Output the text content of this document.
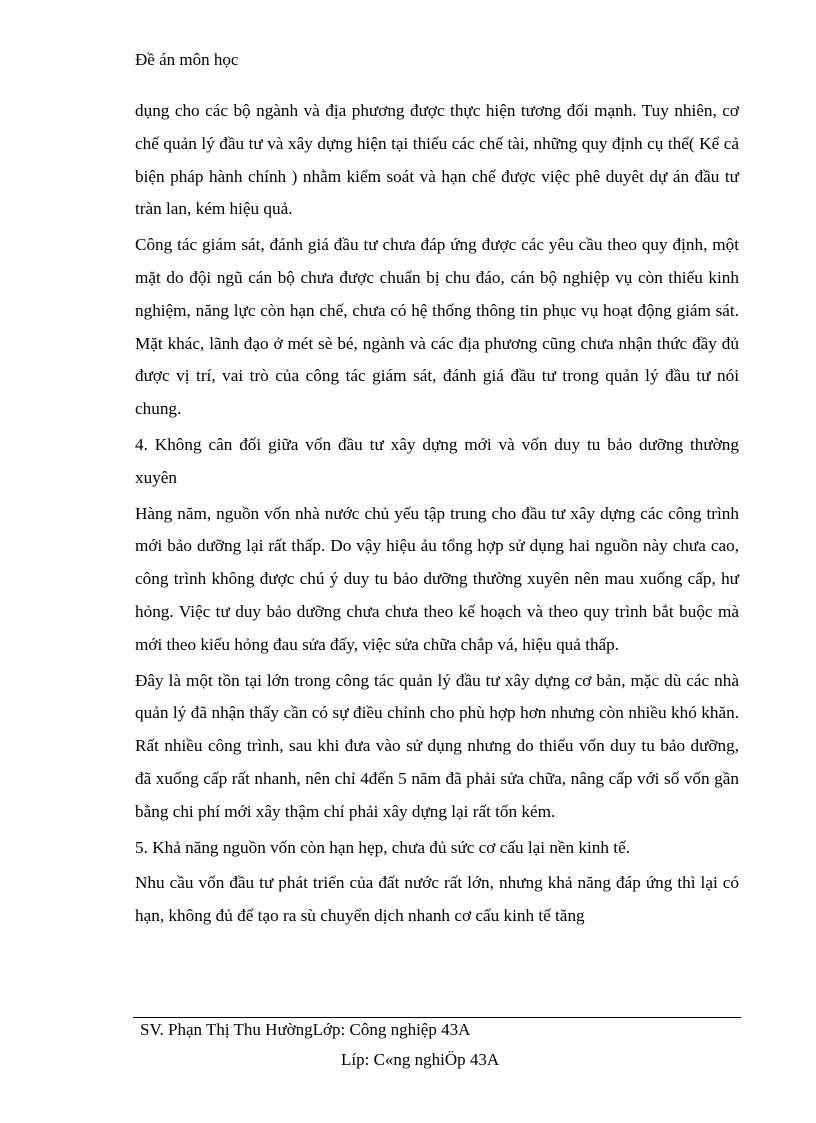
Đề án môn học

dụng cho các bộ ngành và địa phương được thực hiện tương đối mạnh. Tuy nhiên, cơ chế quản lý đầu tư và xây dựng hiện tại thiếu các chế tài, những quy định cụ thể( Kể cả biện pháp hành chính ) nhằm kiểm soát và hạn chế được việc phê duyêt dự án đầu tư tràn lan, kém hiệu quả.

Công tác giám sát, đánh giá đầu tư chưa đáp ứng được các yêu cầu theo quy định, một mặt do đội ngũ cán bộ chưa được chuẩn bị chu đáo, cán bộ nghiệp vụ còn thiếu kinh nghiệm, năng lực còn hạn chế, chưa có hệ thống thông tin phục vụ hoạt động giám sát. Mặt khác, lãnh đạo ở mét sè bé, ngành và các địa phương cũng chưa nhận thức đầy đủ được vị trí, vai trò của công tác giám sát, đánh giá đầu tư trong quản lý đầu tư nói chung.

4. Không cân đối giữa vốn đầu tư xây dựng mới và vốn duy tu bảo dưỡng thường xuyên

Hàng năm, nguồn vốn nhà nước chủ yếu tập trung cho đầu tư xây dựng các công trình mới bảo dưỡng lại rất thấp. Do vậy hiệu ảu tổng hợp sử dụng hai nguồn này chưa cao, công trình không được chú ý duy tu bảo dưỡng thường xuyên nên mau xuống cấp, hư hỏng. Việc tư duy bảo dưỡng chưa chưa theo kế hoạch và theo quy trình bắt buộc mà mới theo kiểu hỏng đau sửa đấy, việc sửa chữa chắp vá, hiệu quả thấp.

Đây là một tồn tại lớn trong công tác quản lý đầu tư xây dựng cơ bản, mặc dù các nhà quản lý đã nhận thấy cần có sự điều chỉnh cho phù hợp hơn nhưng còn nhiều khó khăn. Rất nhiều công trình, sau khi đưa vào sử dụng nhưng do thiếu vốn duy tu bảo dưỡng, đã xuống cấp rất nhanh, nên chỉ 4đến 5 năm đã phải sửa chữa, nâng cấp với số vốn gần bằng chi phí mới xây thậm chí phải xây dựng lại rất tốn kém.

5. Khả năng nguồn vốn còn hạn hẹp, chưa đủ sức cơ cấu lại nền kinh tế.

Nhu cầu vốn đầu tư phát triển của đất nước rất lớn, nhưng khả năng đáp ứng thì lại có hạn, không đủ để tạo ra sù chuyển dịch nhanh cơ cấu kinh tế tăng

SV. Phạn Thị Thu HườngLớp: Công nghiệp 43A
Líp: C«ng nghiÖp 43A
